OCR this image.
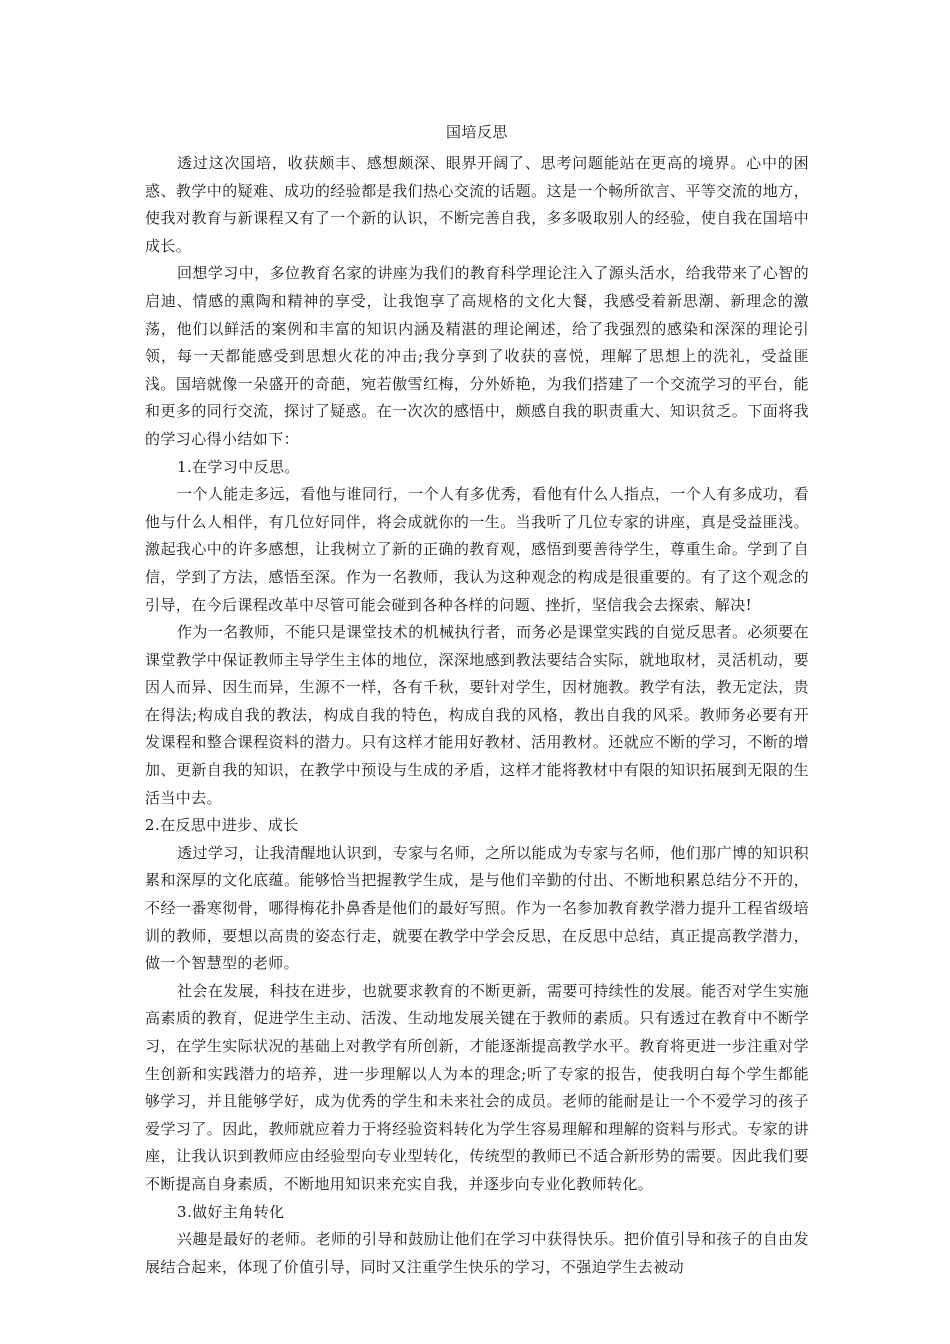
国培反思

透过这次国培，收获颇丰、感想颇深、眼界开阔了、思考问题能站在更高的境界。心中的困惑、教学中的疑难、成功的经验都是我们热心交流的话题。这是一个畅所欲言、平等交流的地方，使我对教育与新课程又有了一个新的认识，不断完善自我，多多吸取别人的经验，使自我在国培中成长。

回想学习中，多位教育名家的讲座为我们的教育科学理论注入了源头活水，给我带来了心智的启迪、情感的熏陶和精神的享受，让我饱享了高规格的文化大餐，我感受着新思潮、新理念的激荡，他们以鲜活的案例和丰富的知识内涵及精湛的理论阐述，给了我强烈的感染和深深的理论引领，每一天都能感受到思想火花的冲击;我分享到了收获的喜悦，理解了思想上的洗礼，受益匪浅。国培就像一朵盛开的奇葩，宛若傲雪红梅，分外娇艳，为我们搭建了一个交流学习的平台，能和更多的同行交流，探讨了疑惑。在一次次的感悟中，颇感自我的职责重大、知识贫乏。下面将我的学习心得小结如下：

1.在学习中反思。

一个人能走多远，看他与谁同行，一个人有多优秀，看他有什么人指点，一个人有多成功，看他与什么人相伴，有几位好同伴，将会成就你的一生。当我听了几位专家的讲座，真是受益匪浅。激起我心中的许多感想，让我树立了新的正确的教育观，感悟到要善待学生，尊重生命。学到了自信，学到了方法，感悟至深。作为一名教师，我认为这种观念的构成是很重要的。有了这个观念的引导，在今后课程改革中尽管可能会碰到各种各样的问题、挫折，坚信我会去探索、解决!

作为一名教师，不能只是课堂技术的机械执行者，而务必是课堂实践的自觉反思者。必须要在课堂教学中保证教师主导学生主体的地位，深深地感到教法要结合实际，就地取材，灵活机动，要因人而异、因生而异，生源不一样，各有千秋，要针对学生，因材施教。教学有法，教无定法，贵在得法;构成自我的教法，构成自我的特色，构成自我的风格，教出自我的风采。教师务必要有开发课程和整合课程资料的潜力。只有这样才能用好教材、活用教材。还就应不断的学习，不断的增加、更新自我的知识，在教学中预设与生成的矛盾，这样才能将教材中有限的知识拓展到无限的生活当中去。

2.在反思中进步、成长

透过学习，让我清醒地认识到，专家与名师，之所以能成为专家与名师，他们那广博的知识积累和深厚的文化底蕴。能够恰当把握教学生成，是与他们辛勤的付出、不断地积累总结分不开的，不经一番寒彻骨，哪得梅花扑鼻香是他们的最好写照。作为一名参加教育教学潜力提升工程省级培训的教师，要想以高贵的姿态行走，就要在教学中学会反思，在反思中总结，真正提高教学潜力，做一个智慧型的老师。

社会在发展，科技在进步，也就要求教育的不断更新，需要可持续性的发展。能否对学生实施高素质的教育，促进学生主动、活泼、生动地发展关键在于教师的素质。只有透过在教育中不断学习，在学生实际状况的基础上对教学有所创新，才能逐渐提高教学水平。教育将更进一步注重对学生创新和实践潜力的培养，进一步理解以人为本的理念;听了专家的报告，使我明白每个学生都能够学习，并且能够学好，成为优秀的学生和未来社会的成员。老师的能耐是让一个不爱学习的孩子爱学习了。因此，教师就应着力于将经验资料转化为学生容易理解和理解的资料与形式。专家的讲座，让我认识到教师应由经验型向专业型转化，传统型的教师已不适合新形势的需要。因此我们要不断提高自身素质，不断地用知识来充实自我，并逐步向专业化教师转化。

3.做好主角转化

兴趣是最好的老师。老师的引导和鼓励让他们在学习中获得快乐。把价值引导和孩子的自由发展结合起来，体现了价值引导，同时又注重学生快乐的学习，不强迫学生去被动
